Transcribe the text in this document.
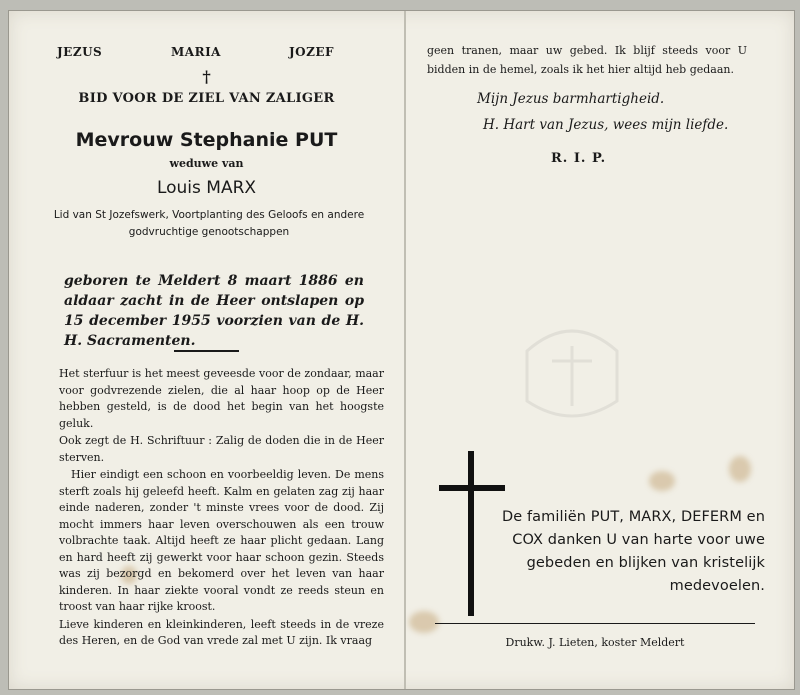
JEZUS	MARIA	JOZEF
†
BID VOOR DE ZIEL VAN ZALIGER
Mevrouw Stephanie PUT
weduwe van
Louis MARX
Lid van St Jozefswerk, Voortplanting des Geloofs en andere godvruchtige genootschappen
geboren te Meldert 8 maart 1886 en aldaar zacht in de Heer ontslapen op 15 december 1955 voorzien van de H. H. Sacramenten.

Het sterfuur is het meest geveesde voor de zondaar, maar voor godvrezende zielen, die al haar hoop op de Heer hebben gesteld, is de dood het begin van het hoogste geluk.

Ook zegt de H. Schriftuur : Zalig de doden die in de Heer sterven.

Hier eindigt een schoon en voorbeeldig leven. De mens sterft zoals hij geleefd heeft. Kalm en gelaten zag zij haar einde naderen, zonder 't minste vrees voor de dood. Zij mocht immers haar leven overschouwen als een trouw volbrachte taak. Altijd heeft ze haar plicht gedaan. Lang en hard heeft zij gewerkt voor haar schoon gezin. Steeds was zij bezorgd en bekomerd over het leven van haar kinderen. In haar ziekte vooral vondt ze reeds steun en troost van haar rijke kroost.

Lieve kinderen en kleinkinderen, leeft steeds in de vreze des Heren, en de God van vrede zal met U zijn. Ik vraag

geen tranen, maar uw gebed. Ik blijf steeds voor U bidden in de hemel, zoals ik het hier altijd heb gedaan.
Mijn Jezus barmhartigheid.
H. Hart van Jezus, wees mijn liefde.
R. I. P.
De familiën PUT, MARX, DEFERM en COX danken U van harte voor uwe gebeden en blijken van kristelijk medevoelen.
Drukw. J. Lieten, koster Meldert
